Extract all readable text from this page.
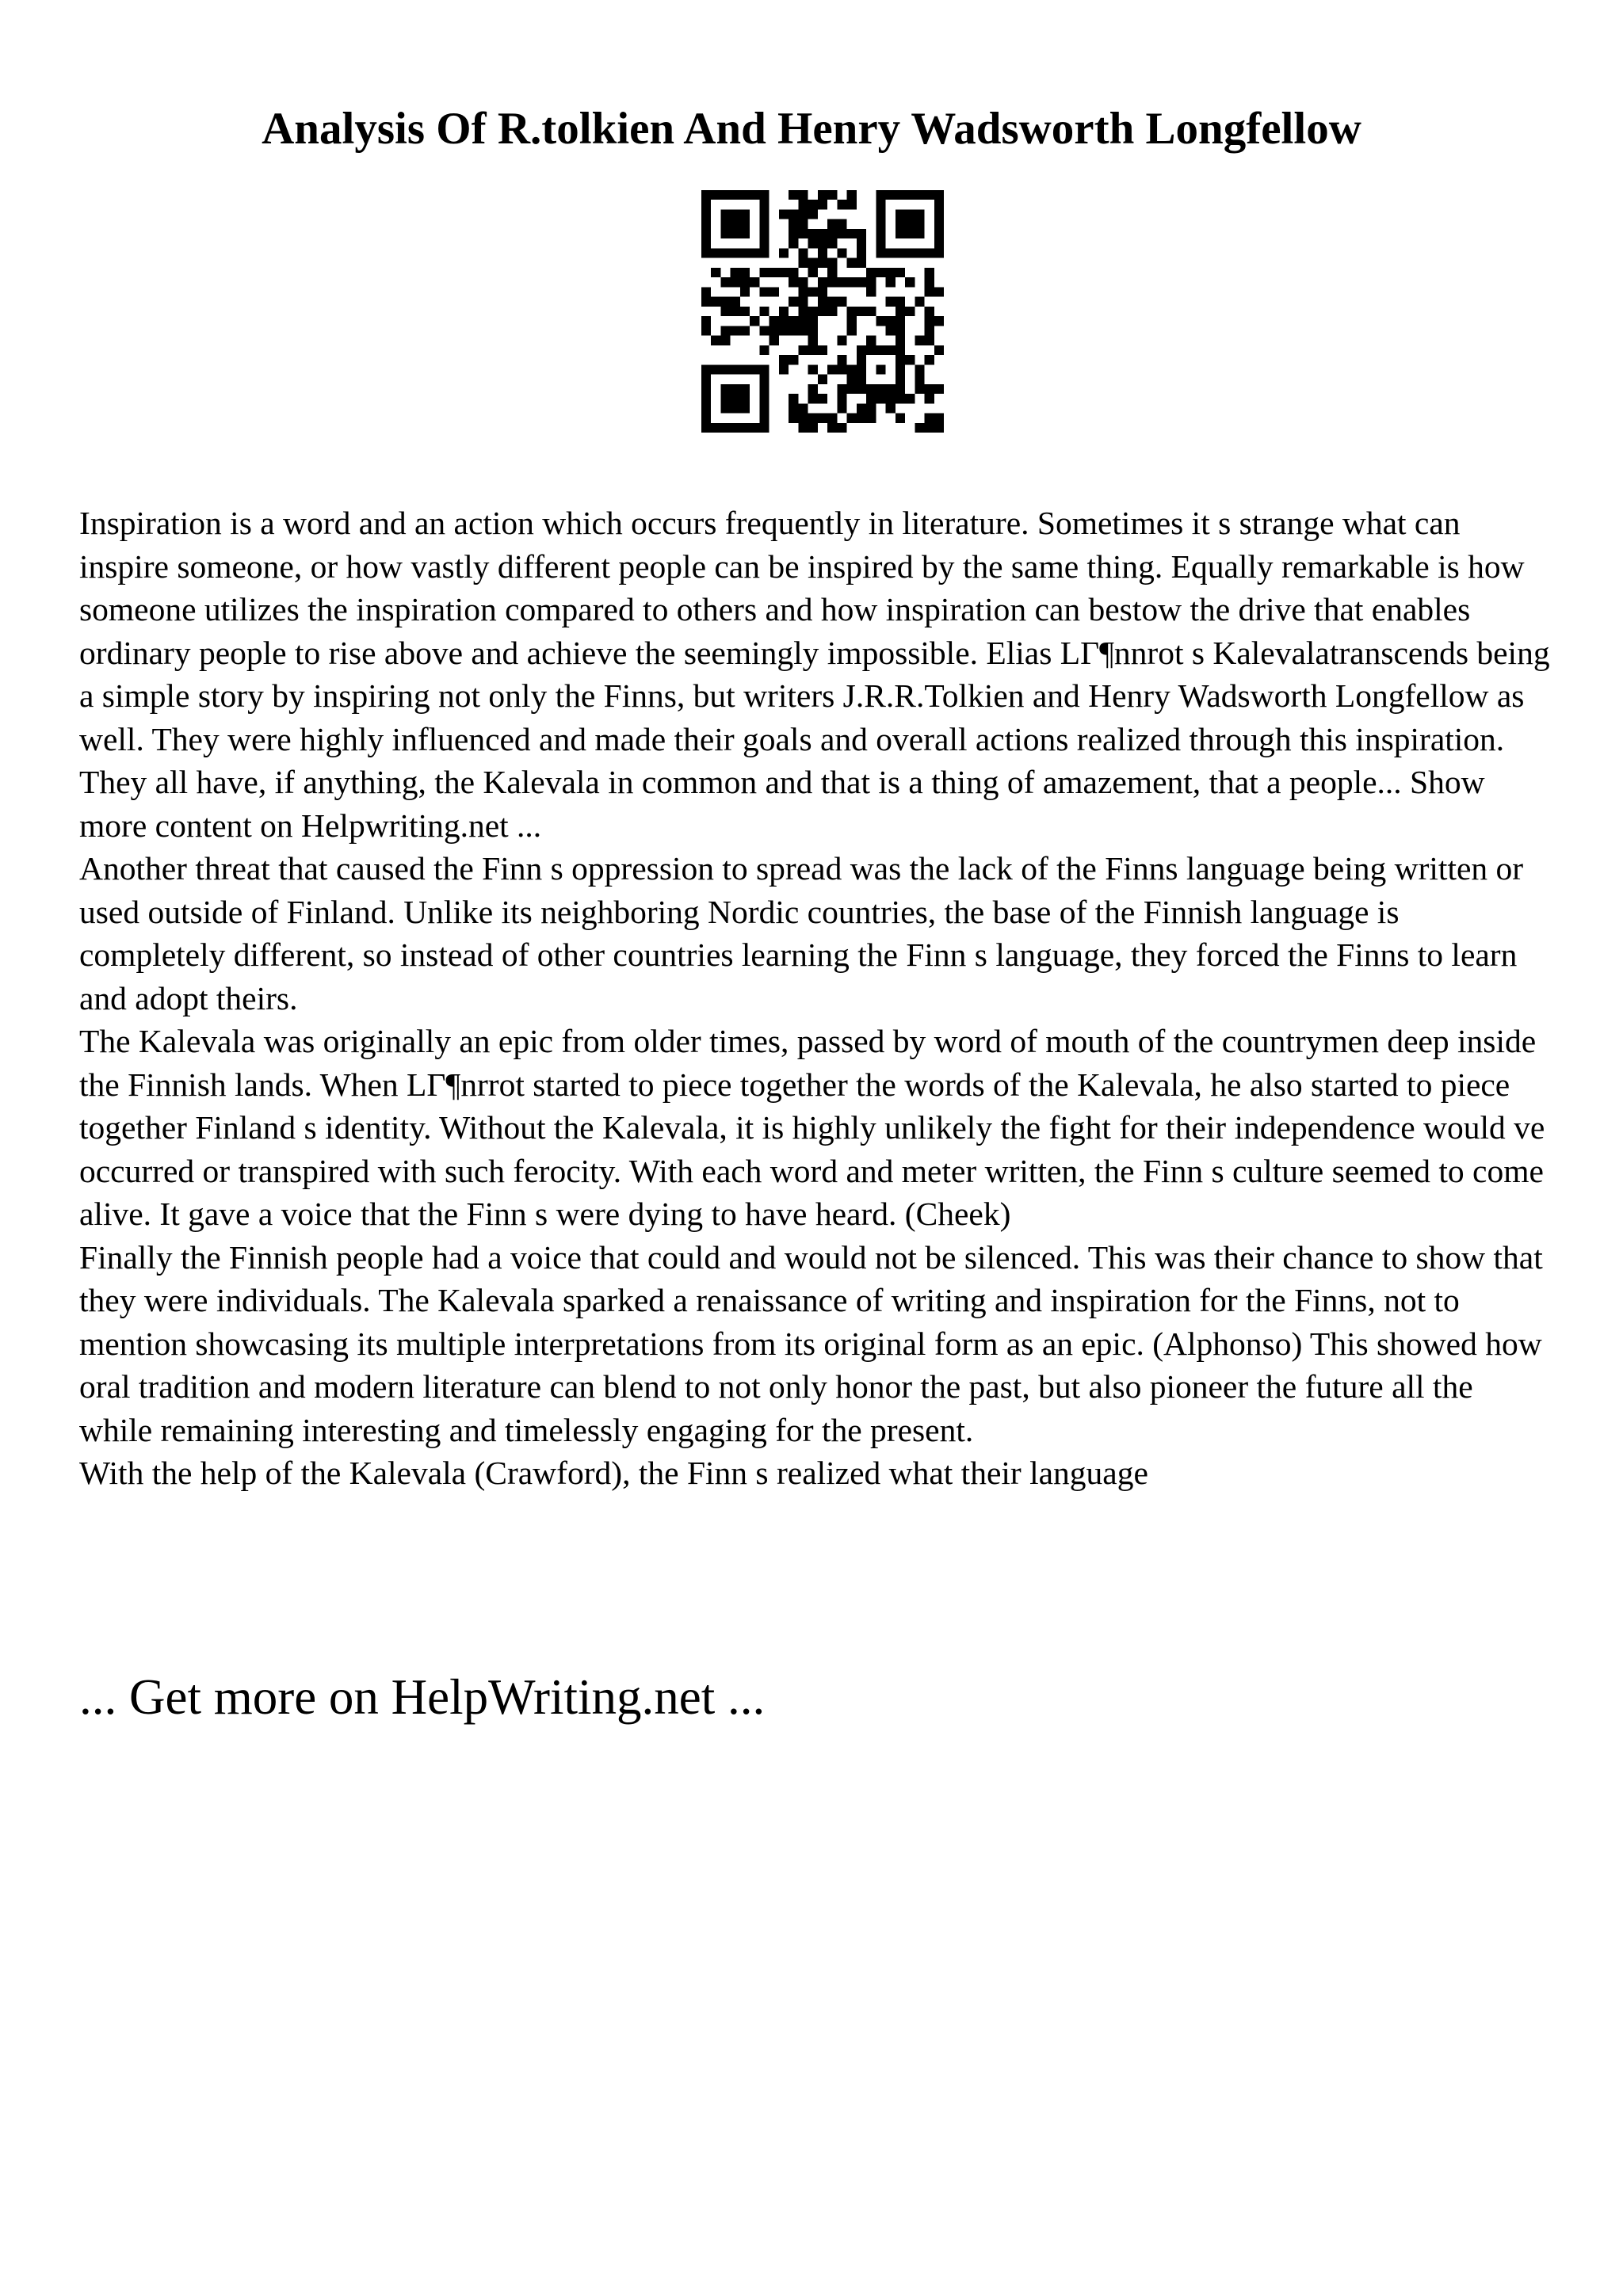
Analysis Of R.tolkien And Henry Wadsworth Longfellow

Inspiration is a word and an action which occurs frequently in literature. Sometimes it s strange what can inspire someone, or how vastly different people can be inspired by the same thing. Equally remarkable is how someone utilizes the inspiration compared to others and how inspiration can bestow the drive that enables ordinary people to rise above and achieve the seemingly impossible. Elias LГ¶nnrot s Kalevalatranscends being a simple story by inspiring not only the Finns, but writers J.R.R.Tolkien and Henry Wadsworth Longfellow as well. They were highly influenced and made their goals and overall actions realized through this inspiration. They all have, if anything, the Kalevala in common and that is a thing of amazement, that a people... Show more content on Helpwriting.net ...

Another threat that caused the Finn s oppression to spread was the lack of the Finns language being written or used outside of Finland. Unlike its neighboring Nordic countries, the base of the Finnish language is completely different, so instead of other countries learning the Finn s language, they forced the Finns to learn and adopt theirs.

The Kalevala was originally an epic from older times, passed by word of mouth of the countrymen deep inside the Finnish lands. When LГ¶nrrot started to piece together the words of the Kalevala, he also started to piece together Finland s identity. Without the Kalevala, it is highly unlikely the fight for their independence would ve occurred or transpired with such ferocity. With each word and meter written, the Finn s culture seemed to come alive. It gave a voice that the Finn s were dying to have heard. (Cheek)

Finally the Finnish people had a voice that could and would not be silenced. This was their chance to show that they were individuals. The Kalevala sparked a renaissance of writing and inspiration for the Finns, not to mention showcasing its multiple interpretations from its original form as an epic. (Alphonso) This showed how oral tradition and modern literature can blend to not only honor the past, but also pioneer the future all the while remaining interesting and timelessly engaging for the present.

With the help of the Kalevala (Crawford), the Finn s realized what their language

... Get more on HelpWriting.net ...
